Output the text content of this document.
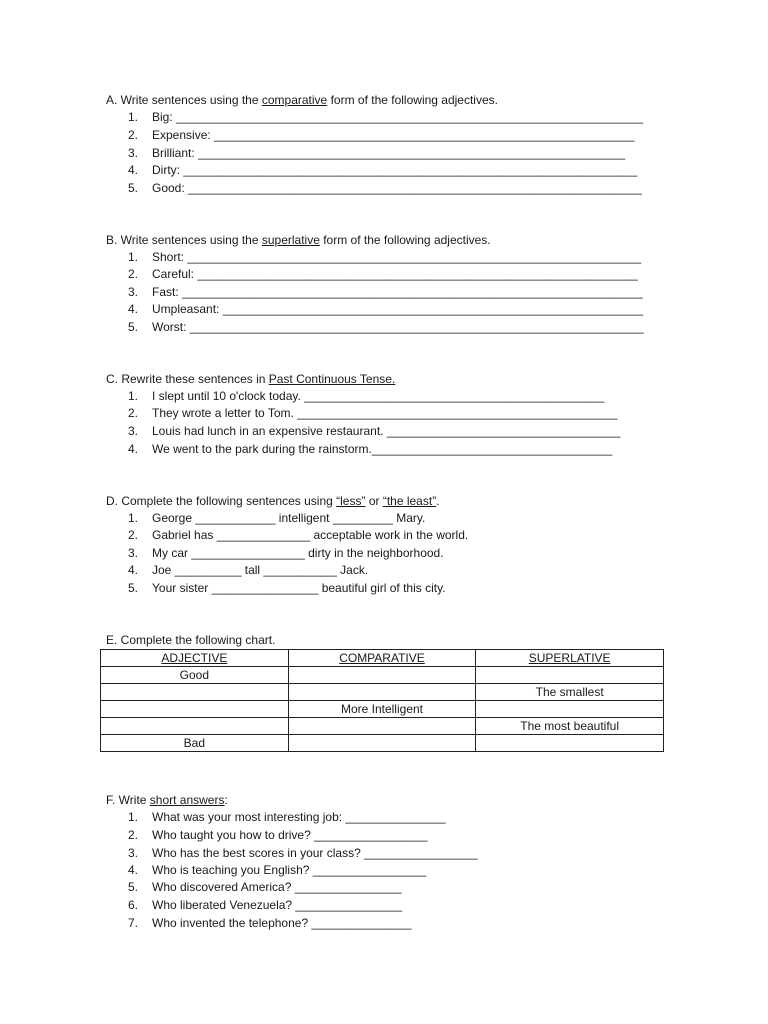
A. Write sentences using the comparative form of the following adjectives.
1. Big: ______________________________________________________________________
2. Expensive: _______________________________________________________________
3. Brilliant: ________________________________________________________________
4. Dirty: ____________________________________________________________________
5. Good: ____________________________________________________________________
B. Write sentences using the superlative form of the following adjectives.
1. Short: ____________________________________________________________________
2. Careful: __________________________________________________________________
3. Fast: _____________________________________________________________________
4. Umpleasant: _______________________________________________________________
5. Worst: ____________________________________________________________________
C. Rewrite these sentences in Past Continuous Tense.
1. I slept until 10 o'clock today. _____________________________________________
2. They wrote a letter to Tom. ________________________________________________
3. Louis had lunch in an expensive restaurant. ___________________________________
4. We went to the park during the rainstorm.____________________________________
D. Complete the following sentences using “less” or “the least”.
1. George ____________ intelligent _________ Mary.
2. Gabriel has ______________ acceptable work in the world.
3. My car _________________ dirty in the neighborhood.
4. Joe __________ tall ___________ Jack.
5. Your sister ________________ beautiful girl of this city.
E. Complete the following chart.
ADJECTIVE	COMPARATIVE	SUPERLATIVE
Good		
		The smallest
	More Intelligent	
		The most beautiful
Bad		
F. Write short answers:
1. What was your most interesting job: _______________
2. Who taught you how to drive? _________________
3. Who has the best scores in your class? _________________
4. Who is teaching you English? _________________
5. Who discovered America? ________________
6. Who liberated Venezuela? ________________
7. Who invented the telephone? _______________
